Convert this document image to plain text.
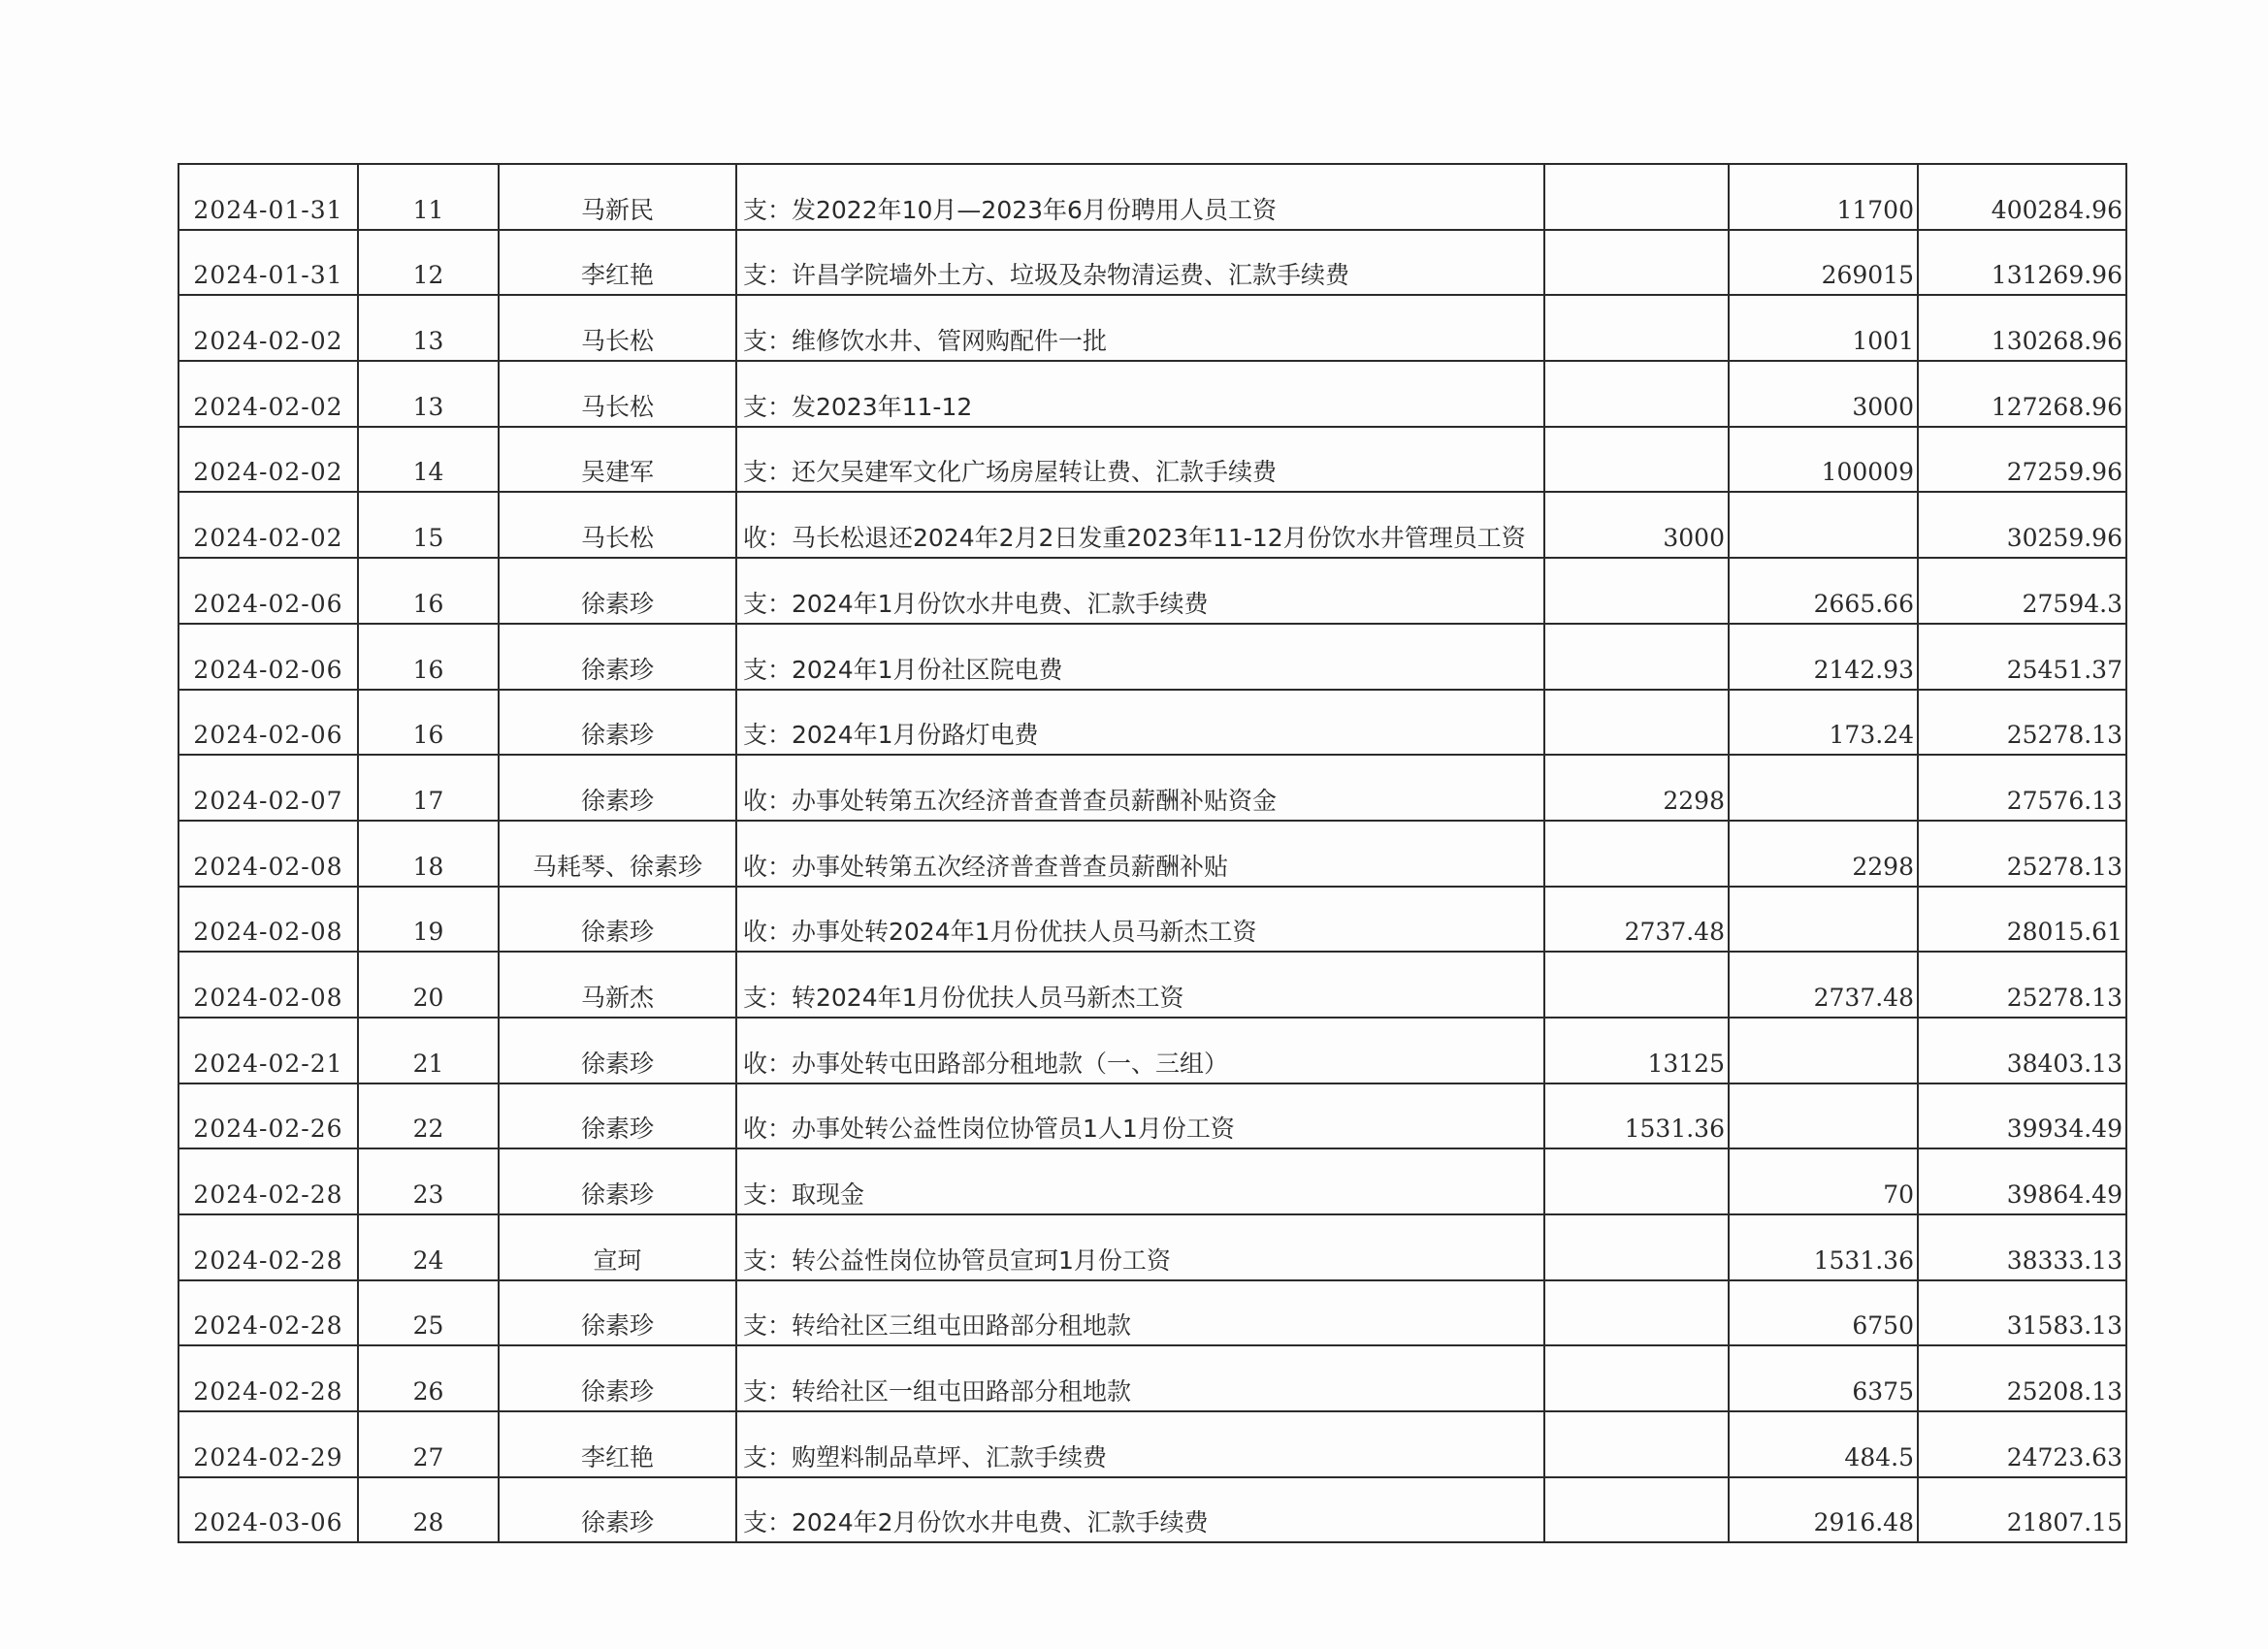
2024-01-31	11	马新民	支：发2022年10月—2023年6月份聘用人员工资		11700	400284.96
2024-01-31	12	李红艳	支：许昌学院墙外土方、垃圾及杂物清运费、汇款手续费		269015	131269.96
2024-02-02	13	马长松	支：维修饮水井、管网购配件一批		1001	130268.96
2024-02-02	13	马长松	支：发2023年11-12		3000	127268.96
2024-02-02	14	吴建军	支：还欠吴建军文化广场房屋转让费、汇款手续费		100009	27259.96
2024-02-02	15	马长松	收：马长松退还2024年2月2日发重2023年11-12月份饮水井管理员工资	3000		30259.96
2024-02-06	16	徐素珍	支：2024年1月份饮水井电费、汇款手续费		2665.66	27594.3
2024-02-06	16	徐素珍	支：2024年1月份社区院电费		2142.93	25451.37
2024-02-06	16	徐素珍	支：2024年1月份路灯电费		173.24	25278.13
2024-02-07	17	徐素珍	收：办事处转第五次经济普查普查员薪酬补贴资金	2298		27576.13
2024-02-08	18	马耗琴、徐素珍	收：办事处转第五次经济普查普查员薪酬补贴		2298	25278.13
2024-02-08	19	徐素珍	收：办事处转2024年1月份优扶人员马新杰工资	2737.48		28015.61
2024-02-08	20	马新杰	支：转2024年1月份优扶人员马新杰工资		2737.48	25278.13
2024-02-21	21	徐素珍	收：办事处转屯田路部分租地款（一、三组）	13125		38403.13
2024-02-26	22	徐素珍	收：办事处转公益性岗位协管员1人1月份工资	1531.36		39934.49
2024-02-28	23	徐素珍	支：取现金		70	39864.49
2024-02-28	24	宣珂	支：转公益性岗位协管员宣珂1月份工资		1531.36	38333.13
2024-02-28	25	徐素珍	支：转给社区三组屯田路部分租地款		6750	31583.13
2024-02-28	26	徐素珍	支：转给社区一组屯田路部分租地款		6375	25208.13
2024-02-29	27	李红艳	支：购塑料制品草坪、汇款手续费		484.5	24723.63
2024-03-06	28	徐素珍	支：2024年2月份饮水井电费、汇款手续费		2916.48	21807.15
